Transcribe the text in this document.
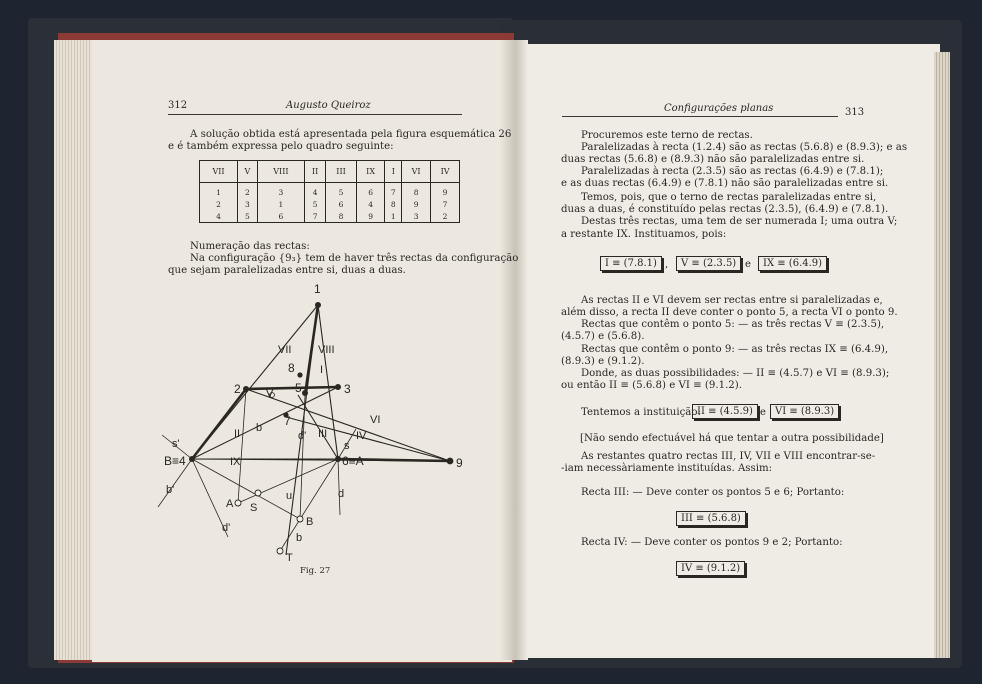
312	Augusto Queiroz
A solução obtida está apresentada pela figura esquemática 26
e é também expressa pelo quadro seguinte:
VII	V	VIII	II	III	IX	I	VI	IV
1	2	3	4	5	6	7	8	9
2	3	1	5	6	4	8	9	7
4	5	6	7	8	9	1	3	2
Numeração das rectas:
Na configuração {9₃} tem de haver três rectas da configuração
que sejam paralelizadas entre si, duas a duas.
1
2	3
5
7
8
9
B≡4	6≡A
VII VIII
V
II	III	IV
VI
IX
I
s'	s
b'
b
b
d'
d
d'
A S
u
B
T
Fig. 27
Configurações planas	313
Procuremos este terno de rectas.
Paralelizadas à recta (1.2.4) são as rectas (5.6.8) e (8.9.3); e as
duas rectas (5.6.8) e (8.9.3) não são paralelizadas entre si.
Paralelizadas à recta (2.3.5) são as rectas (6.4.9) e (7.8.1);
e as duas rectas (6.4.9) e (7.8.1) não são paralelizadas entre si.
Temos, pois, que o terno de rectas paralelizadas entre si,
duas a duas, é constituído pelas rectas (2.3.5), (6.4.9) e (7.8.1).
Destas três rectas, uma tem de ser numerada I; uma outra V;
a restante IX. Instituamos, pois:
I ≡ (7.8.1) ,	V ≡ (2.3.5) e	IX ≡ (6.4.9)
As rectas II e VI devem ser rectas entre si paralelizadas e,
além disso, a recta II deve conter o ponto 5, a recta VI o ponto 9.
Rectas que contêm o ponto 5: — as três rectas V ≡ (2.3.5),
(4.5.7) e (5.6.8).
Rectas que contêm o ponto 9: — as três rectas IX ≡ (6.4.9),
(8.9.3) e (9.1.2).
Donde, as duas possibilidades: — II ≡ (4.5.7) e VI ≡ (8.9.3);
ou então II ≡ (5.6.8) e VI ≡ (9.1.2).
Tentemos a instituição:
II ≡ (4.5.9) e VI ≡ (8.9.3)
[Não sendo efectuável há que tentar a outra possibilidade]
As restantes quatro rectas III, IV, VII e VIII encontrar-se-
-iam necessàriamente instituídas. Assim:
Recta III: — Deve conter os pontos 5 e 6; Portanto:
III ≡ (5.6.8)
Recta IV: — Deve conter os pontos 9 e 2; Portanto:
IV ≡ (9.1.2)
